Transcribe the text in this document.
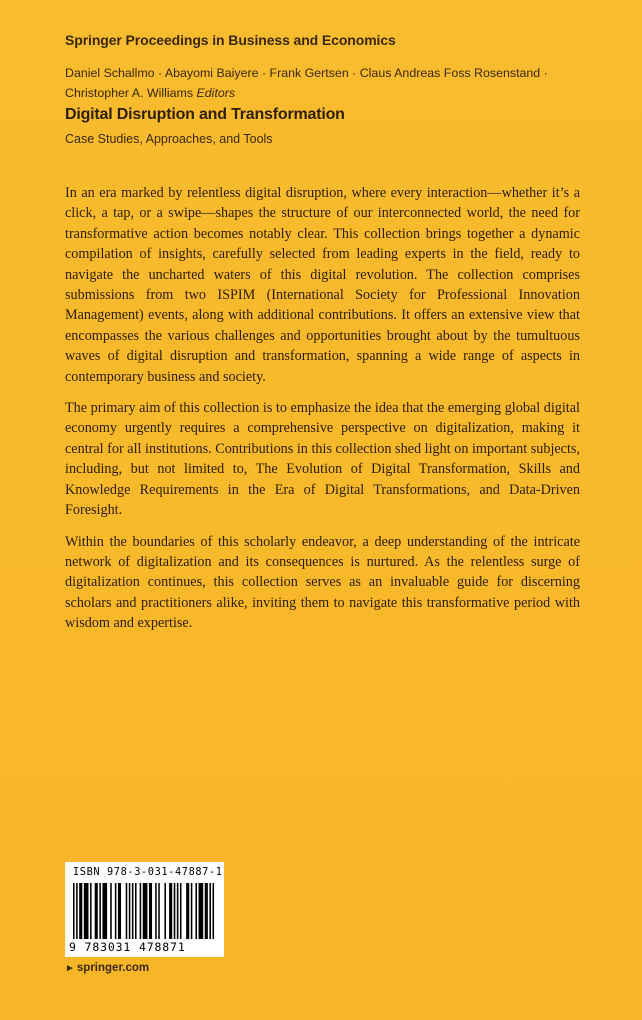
Springer Proceedings in Business and Economics
Daniel Schallmo · Abayomi Baiyere · Frank Gertsen · Claus Andreas Foss Rosenstand ·
Christopher A. Williams Editors
Digital Disruption and Transformation
Case Studies, Approaches, and Tools

In an era marked by relentless digital disruption, where every interaction—whether it’s a click, a tap, or a swipe—shapes the structure of our interconnected world, the need for transformative action becomes notably clear. This collection brings together a dynamic compilation of insights, carefully selected from leading experts in the field, ready to navigate the uncharted waters of this digital revolution. The collection comprises submissions from two ISPIM (International Society for Professional Innovation Management) events, along with additional contributions. It offers an extensive view that encompasses the various challenges and opportunities brought about by the tumultuous waves of digital disruption and transformation, spanning a wide range of aspects in contemporary business and society.

The primary aim of this collection is to emphasize the idea that the emerging global digital economy urgently requires a comprehensive perspective on digitalization, making it central for all institutions. Contributions in this collection shed light on important subjects, including, but not limited to, The Evolution of Digital Transformation, Skills and Knowledge Requirements in the Era of Digital Transformations, and Data-Driven Foresight.

Within the boundaries of this scholarly endeavor, a deep understanding of the intricate network of digitalization and its consequences is nurtured. As the relentless surge of digitalization continues, this collection serves as an invaluable guide for discerning scholars and practitioners alike, inviting them to navigate this transformative period with wisdom and expertise.

ISBN 978-3-031-47887-1
9 783031 478871
► springer.com
